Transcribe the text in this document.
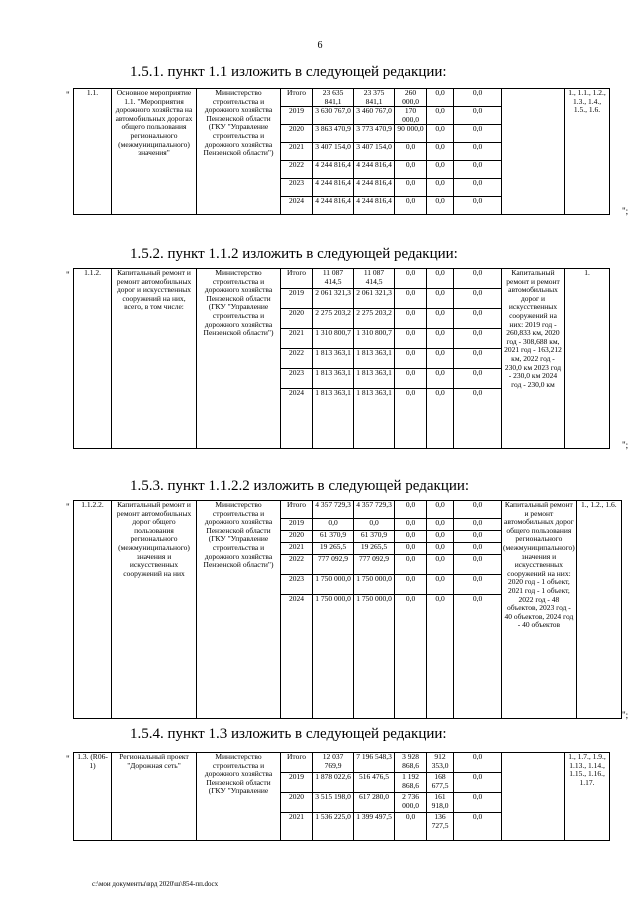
6
1.5.1. пункт 1.1 изложить в следующей редакции:
" 1.1.	Основное мероприятие 1.1. "Мероприятия дорожного хозяйства на автомобильных дорогах общего пользования регионального (межмуниципального) значения"	Министерство строительства и дорожного хозяйства Пензенской области (ГКУ "Управление строительства и дорожного хозяйства Пензенской области")	Итого	23 635 841,1	23 375 841,1	260 000,0	0,0	0,0		1., 1.1., 1.2., 1.3., 1.4., 1.5., 1.6.
			2019	3 630 767,0	3 460 767,0	170 000,0	0,0	0,0		
			2020	3 863 470,9	3 773 470,9	90 000,0	0,0	0,0		
			2021	3 407 154,0	3 407 154,0	0,0	0,0	0,0		
			2022	4 244 816,4	4 244 816,4	0,0	0,0	0,0		
			2023	4 244 816,4	4 244 816,4	0,0	0,0	0,0		
			2024	4 244 816,4	4 244 816,4	0,0	0,0	0,0		
";
1.5.2. пункт 1.1.2 изложить в следующей редакции:
" 1.1.2.	Капитальный ремонт и ремонт автомобильных дорог и искусственных сооружений на них, всего, в том числе:	Министерство строительства и дорожного хозяйства Пензенской области (ГКУ "Управление строительства и дорожного хозяйства Пензенской области")	Итого	11 087 414,5	11 087 414,5	0,0	0,0	0,0	Капитальный ремонт и ремонт автомобильных дорог и искусственных сооружений на них: 2019 год - 260,833 км, 2020 год - 308,688 км, 2021 год - 163,212 км, 2022 год - 230,0 км 2023 год - 230,0 км 2024 год - 230,0 км	1.
			2019	2 061 321,3	2 061 321,3	0,0	0,0	0,0		
			2020	2 275 203,2	2 275 203,2	0,0	0,0	0,0		
			2021	1 310 800,7	1 310 800,7	0,0	0,0	0,0		
			2022	1 813 363,1	1 813 363,1	0,0	0,0	0,0		
			2023	1 813 363,1	1 813 363,1	0,0	0,0	0,0		
			2024	1 813 363,1	1 813 363,1	0,0	0,0	0,0		
";
1.5.3. пункт 1.1.2.2 изложить в следующей редакции:
" 1.1.2.2.	Капитальный ремонт и ремонт автомобильных дорог общего пользования регионального (межмуниципального) значения и искусственных сооружений на них	Министерство строительства и дорожного хозяйства Пензенской области (ГКУ "Управление строительства и дорожного хозяйства Пензенской области")	Итого	4 357 729,3	4 357 729,3	0,0	0,0	0,0	Капитальный ремонт и ремонт автомобильных дорог общего пользования регионального (межмуниципального) значения и искусственных сооружений на них: 2020 год - 1 объект, 2021 год - 1 объект, 2022 год - 48 объектов, 2023 год - 40 объектов, 2024 год - 40 объектов	1., 1.2., 1.6.
			2019	0,0	0,0	0,0	0,0	0,0		
			2020	61 370,9	61 370,9	0,0	0,0	0,0		
			2021	19 265,5	19 265,5	0,0	0,0	0,0		
			2022	777 092,9	777 092,9	0,0	0,0	0,0		
			2023	1 750 000,0	1 750 000,0	0,0	0,0	0,0		
			2024	1 750 000,0	1 750 000,0	0,0	0,0	0,0		
";
1.5.4. пункт 1.3 изложить в следующей редакции:
" 1.3. (R06-1)	Региональный проект "Дорожная сеть"	Министерство строительства и дорожного хозяйства Пензенской области (ГКУ "Управление	Итого	12 037 769,9	7 196 548,3	3 928 868,6	912 353,0	0,0		1., 1.7., 1.9., 1.13., 1.14., 1.15., 1.16., 1.17.
			2019	1 878 022,6	516 476,5	1 192 868,6	168 677,5	0,0		
			2020	3 515 198,0	617 280,0	2 736 000,0	161 918,0	0,0		
			2021	1 536 225,0	1 399 497,5	0,0	136 727,5	0,0		
c:\мои документы\врд 2020\ш\854-пп.docx
